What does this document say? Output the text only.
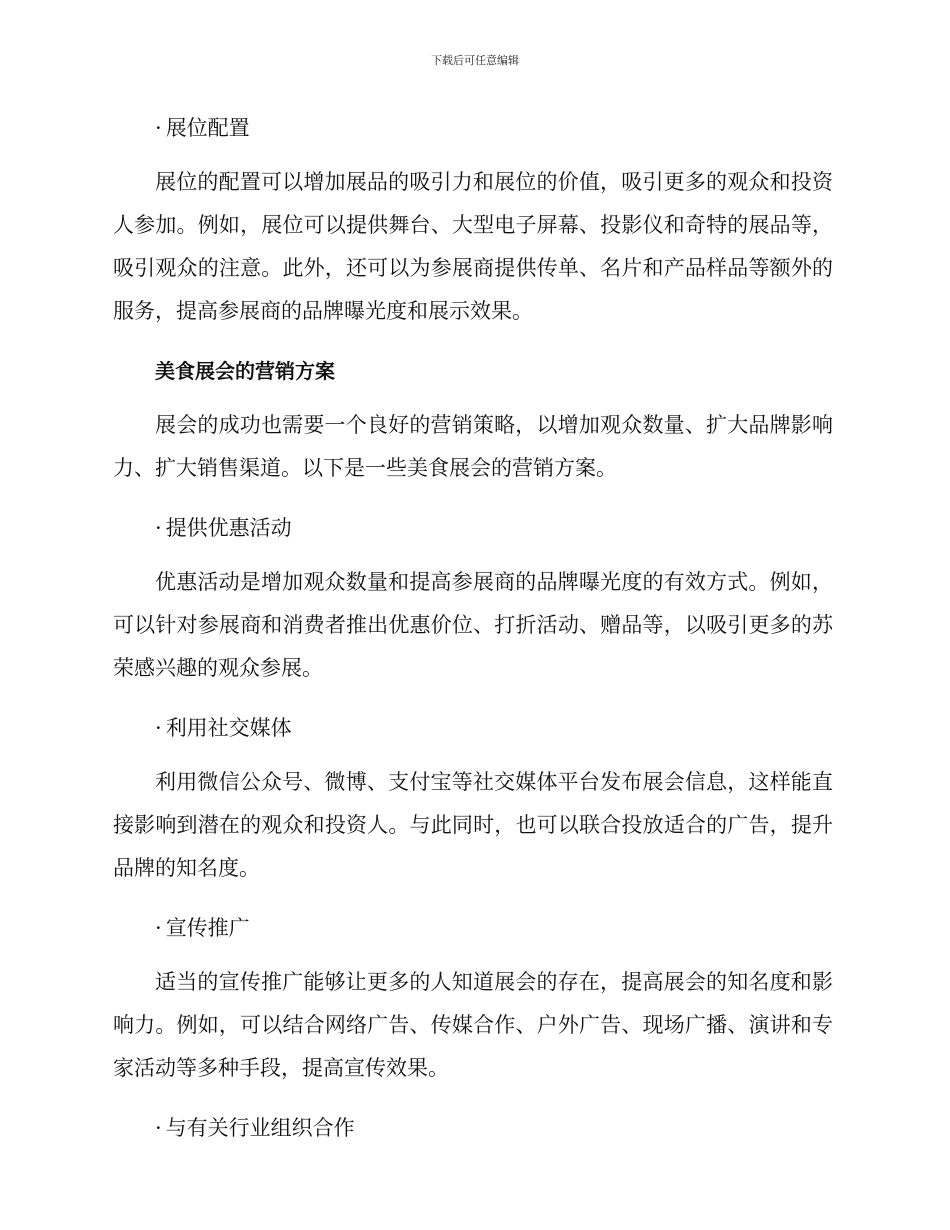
下载后可任意编辑

· 展位配置

展位的配置可以增加展品的吸引力和展位的价值，吸引更多的观众和投资人参加。例如，展位可以提供舞台、大型电子屏幕、投影仪和奇特的展品等，吸引观众的注意。此外，还可以为参展商提供传单、名片和产品样品等额外的服务，提高参展商的品牌曝光度和展示效果。

美食展会的营销方案

展会的成功也需要一个良好的营销策略，以增加观众数量、扩大品牌影响力、扩大销售渠道。以下是一些美食展会的营销方案。

· 提供优惠活动

优惠活动是增加观众数量和提高参展商的品牌曝光度的有效方式。例如，可以针对参展商和消费者推出优惠价位、打折活动、赠品等，以吸引更多的苏荣感兴趣的观众参展。

· 利用社交媒体

利用微信公众号、微博、支付宝等社交媒体平台发布展会信息，这样能直接影响到潜在的观众和投资人。与此同时，也可以联合投放适合的广告，提升品牌的知名度。

· 宣传推广

适当的宣传推广能够让更多的人知道展会的存在，提高展会的知名度和影响力。例如，可以结合网络广告、传媒合作、户外广告、现场广播、演讲和专家活动等多种手段，提高宣传效果。

· 与有关行业组织合作
